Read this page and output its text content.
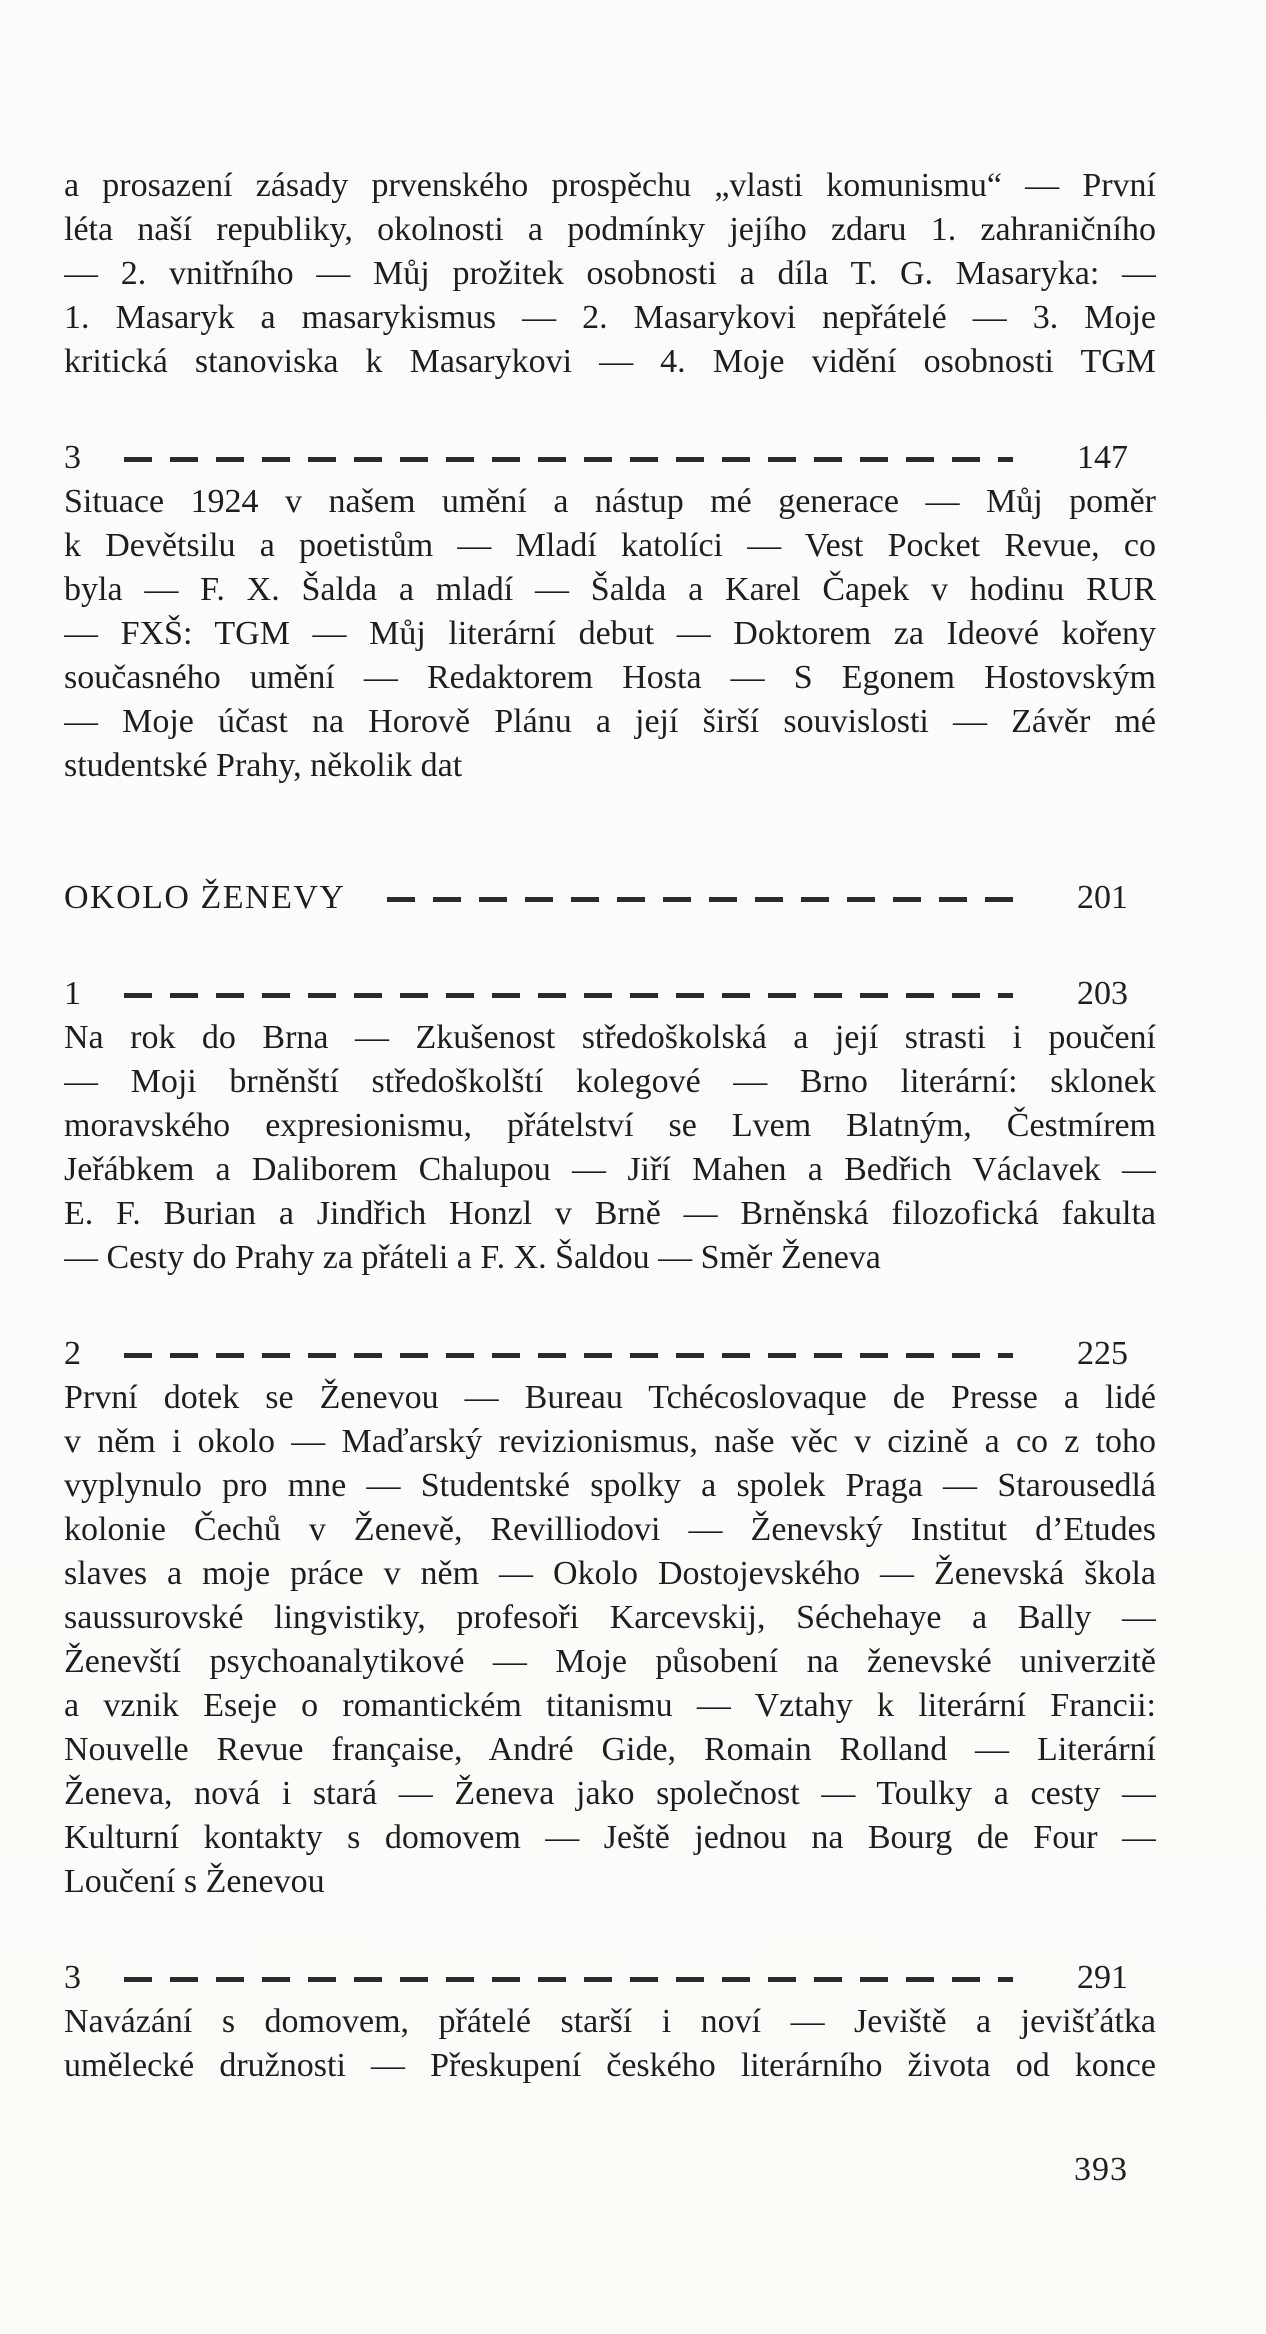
a prosazení zásady prvenského prospěchu „vlasti komunismu“ — První
léta naší republiky, okolnosti a podmínky jejího zdaru 1. zahraničního
— 2. vnitřního — Můj prožitek osobnosti a díla T. G. Masaryka: —
1. Masaryk a masarykismus — 2. Masarykovi nepřátelé — 3. Moje
kritická stanoviska k Masarykovi — 4. Moje vidění osobnosti TGM
3	147
Situace 1924 v našem umění a nástup mé generace — Můj poměr
k Devětsilu a poetistům — Mladí katolíci — Vest Pocket Revue, co
byla — F. X. Šalda a mladí — Šalda a Karel Čapek v hodinu RUR
— FXŠ: TGM — Můj literární debut — Doktorem za Ideové kořeny
současného umění — Redaktorem Hosta — S Egonem Hostovským
— Moje účast na Horově Plánu a její širší souvislosti — Závěr mé
studentské Prahy, několik dat
OKOLO ŽENEVY	201
1	203
Na rok do Brna — Zkušenost středoškolská a její strasti i poučení
— Moji brněnští středoškolští kolegové — Brno literární: sklonek
moravského expresionismu, přátelství se Lvem Blatným, Čestmírem
Jeřábkem a Daliborem Chalupou — Jiří Mahen a Bedřich Václavek —
E. F. Burian a Jindřich Honzl v Brně — Brněnská filozofická fakulta
— Cesty do Prahy za přáteli a F. X. Šaldou — Směr Ženeva
2	225
První dotek se Ženevou — Bureau Tchécoslovaque de Presse a lidé
v něm i okolo — Maďarský revizionismus, naše věc v cizině a co z toho
vyplynulo pro mne — Studentské spolky a spolek Praga — Starousedlá
kolonie Čechů v Ženevě, Revilliodovi — Ženevský Institut d’Etudes
slaves a moje práce v něm — Okolo Dostojevského — Ženevská škola
saussurovské lingvistiky, profesoři Karcevskij, Séchehaye a Bally —
Ženevští psychoanalytikové — Moje působení na ženevské univerzitě
a vznik Eseje o romantickém titanismu — Vztahy k literární Francii:
Nouvelle Revue française, André Gide, Romain Rolland — Literární
Ženeva, nová i stará — Ženeva jako společnost — Toulky a cesty —
Kulturní kontakty s domovem — Ještě jednou na Bourg de Four —
Loučení s Ženevou
3	291
Navázání s domovem, přátelé starší i noví — Jeviště a jevišťátka
umělecké družnosti — Přeskupení českého literárního života od konce
393
